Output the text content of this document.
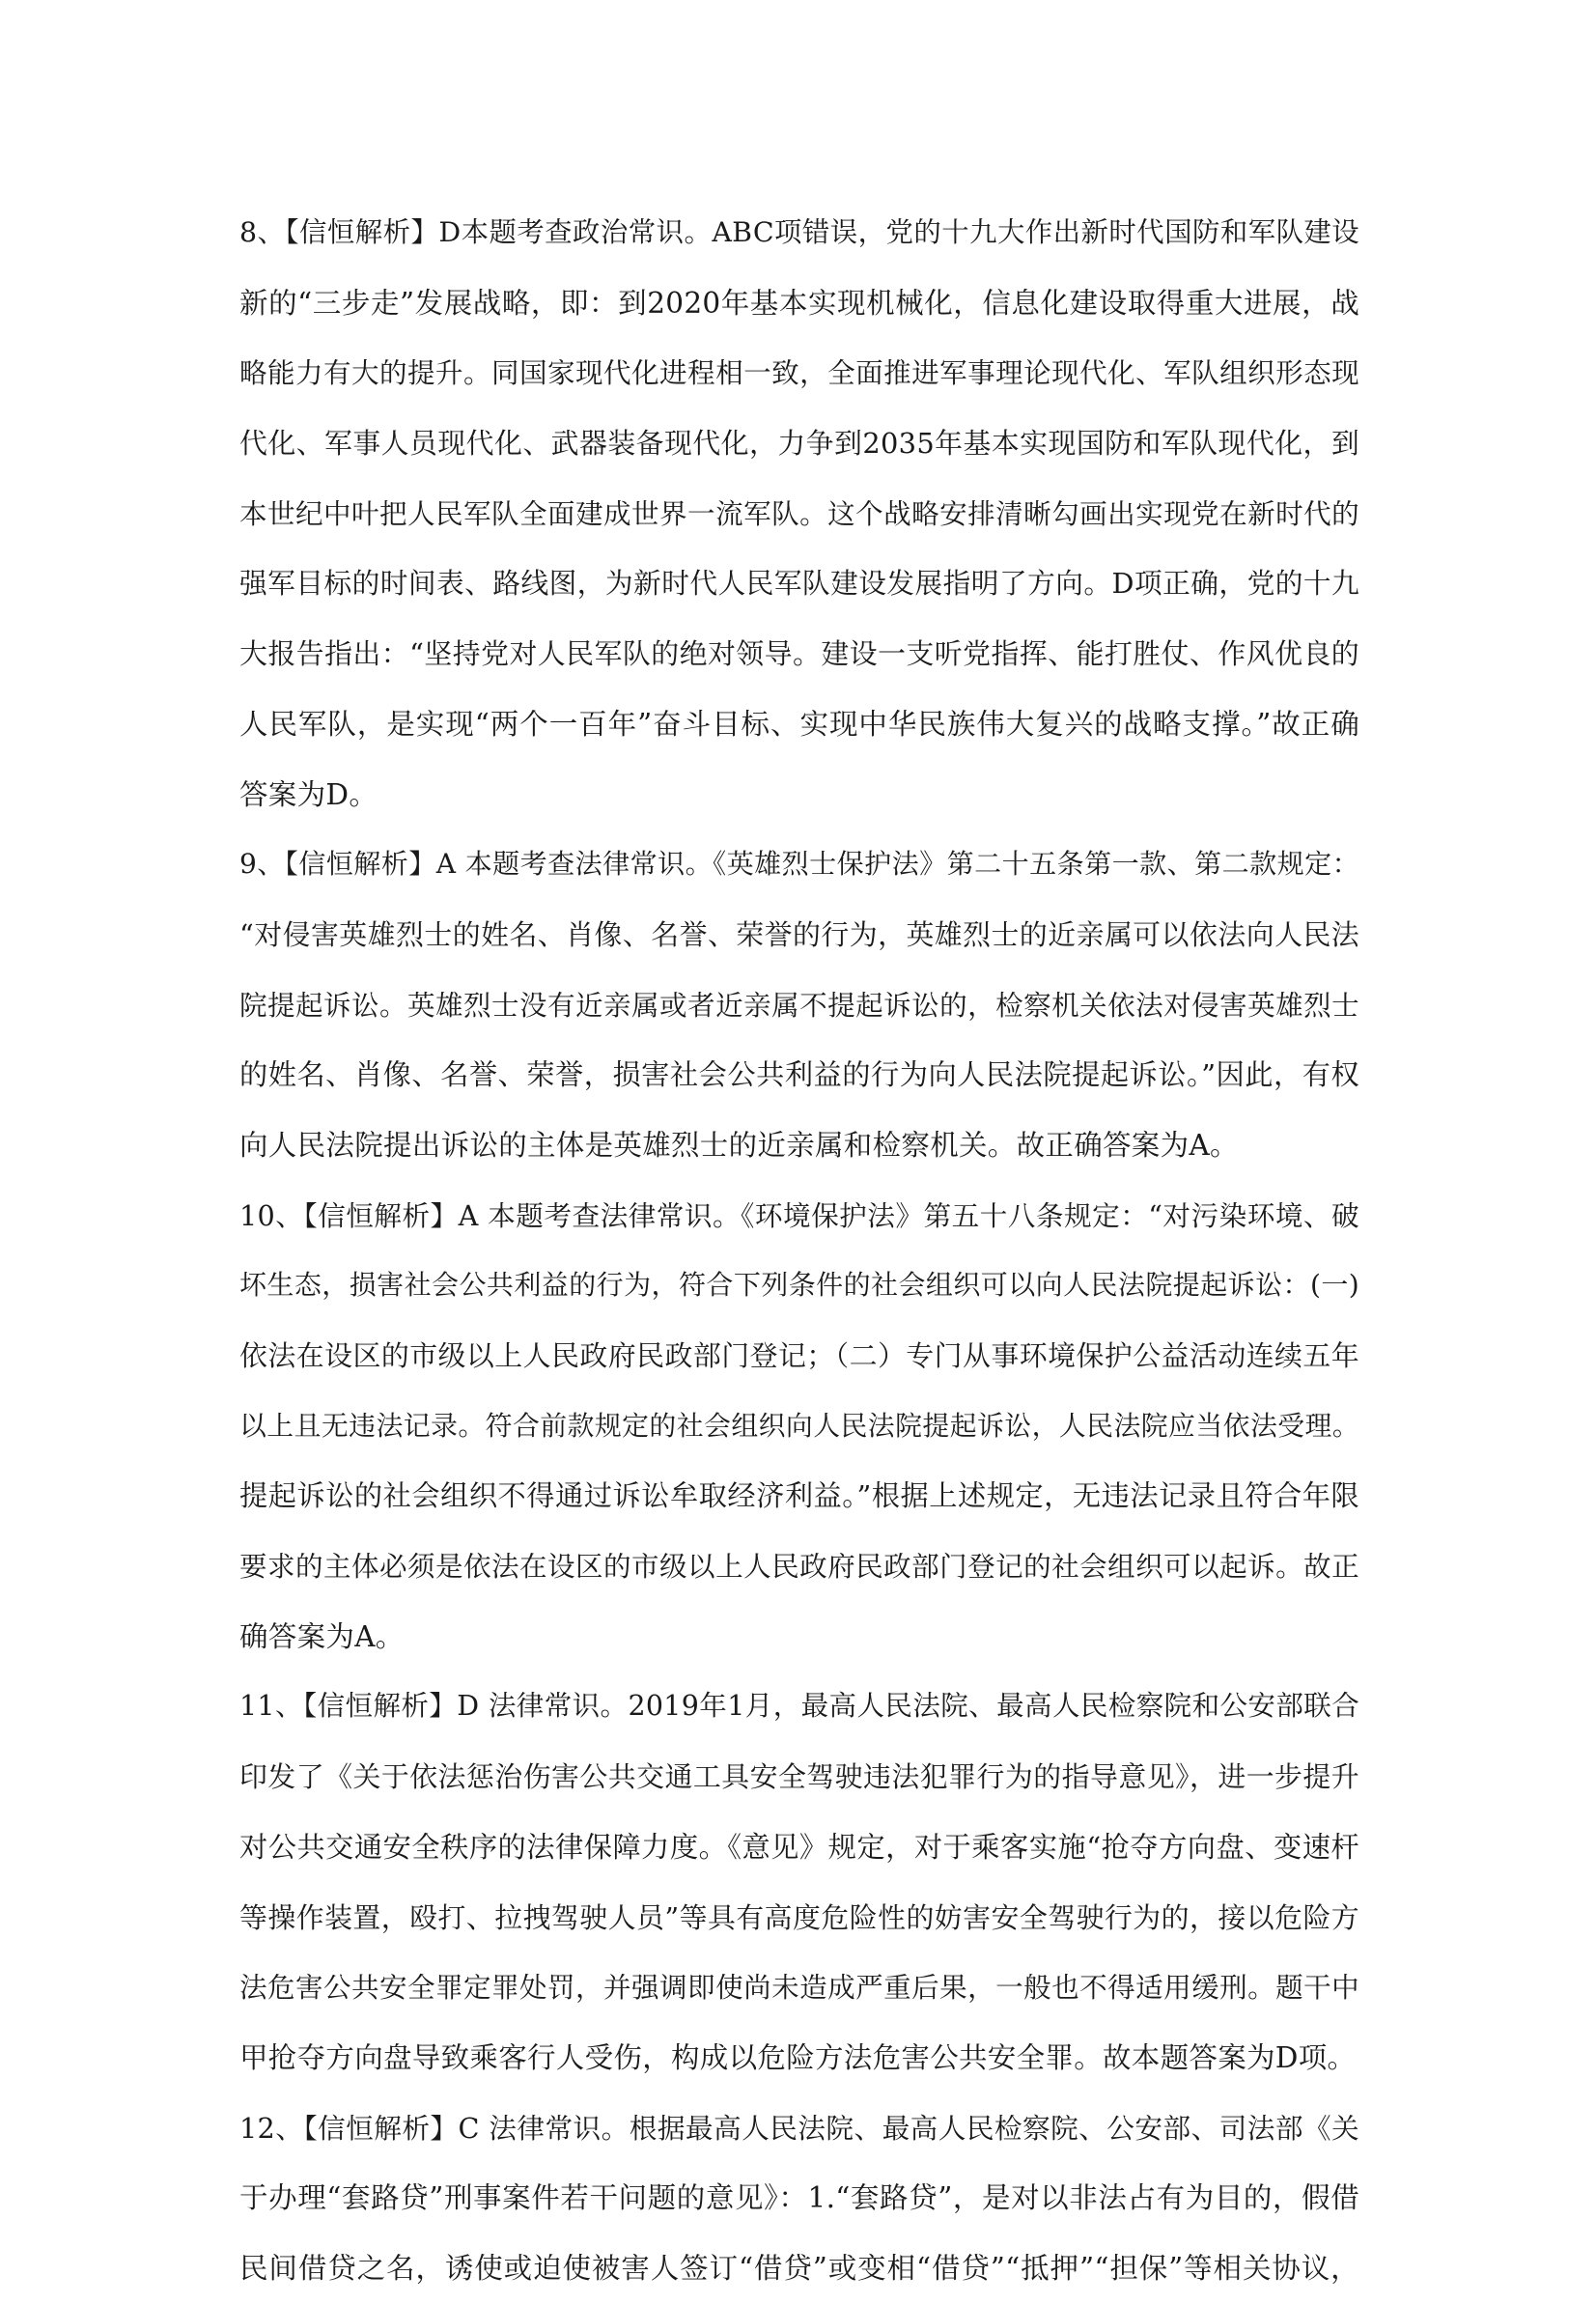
8、【信恒解析】D本题考查政治常识。ABC项错误，党的十九大作出新时代国防和军队建设
新的“三步走”发展战略，即：到2020年基本实现机械化，信息化建设取得重大进展，战
略能力有大的提升。同国家现代化进程相一致，全面推进军事理论现代化、军队组织形态现
代化、军事人员现代化、武器装备现代化，力争到2035年基本实现国防和军队现代化，到
本世纪中叶把人民军队全面建成世界一流军队。这个战略安排清晰勾画出实现党在新时代的
强军目标的时间表、路线图，为新时代人民军队建设发展指明了方向。D项正确，党的十九
大报告指出：“坚持党对人民军队的绝对领导。建设一支听党指挥、能打胜仗、作风优良的
人民军队，是实现“两个一百年”奋斗目标、实现中华民族伟大复兴的战略支撑。”故正确
答案为D。
9、【信恒解析】A 本题考查法律常识。《英雄烈士保护法》第二十五条第一款、第二款规定：
“对侵害英雄烈士的姓名、肖像、名誉、荣誉的行为，英雄烈士的近亲属可以依法向人民法
院提起诉讼。英雄烈士没有近亲属或者近亲属不提起诉讼的，检察机关依法对侵害英雄烈士
的姓名、肖像、名誉、荣誉，损害社会公共利益的行为向人民法院提起诉讼。”因此，有权
向人民法院提出诉讼的主体是英雄烈士的近亲属和检察机关。故正确答案为A。
10、【信恒解析】A 本题考查法律常识。《环境保护法》第五十八条规定：“对污染环境、破
坏生态，损害社会公共利益的行为，符合下列条件的社会组织可以向人民法院提起诉讼：(一)
依法在设区的市级以上人民政府民政部门登记；（二）专门从事环境保护公益活动连续五年
以上且无违法记录。符合前款规定的社会组织向人民法院提起诉讼，人民法院应当依法受理。
提起诉讼的社会组织不得通过诉讼牟取经济利益。”根据上述规定，无违法记录且符合年限
要求的主体必须是依法在设区的市级以上人民政府民政部门登记的社会组织可以起诉。故正
确答案为A。
11、【信恒解析】D 法律常识。2019年1月，最高人民法院、最高人民检察院和公安部联合
印发了《关于依法惩治伤害公共交通工具安全驾驶违法犯罪行为的指导意见》，进一步提升
对公共交通安全秩序的法律保障力度。《意见》规定，对于乘客实施“抢夺方向盘、变速杆
等操作装置，殴打、拉拽驾驶人员”等具有高度危险性的妨害安全驾驶行为的，接以危险方
法危害公共安全罪定罪处罚，并强调即使尚未造成严重后果，一般也不得适用缓刑。题干中
甲抢夺方向盘导致乘客行人受伤，构成以危险方法危害公共安全罪。故本题答案为D项。
12、【信恒解析】C 法律常识。根据最高人民法院、最高人民检察院、公安部、司法部《关
于办理“套路贷”刑事案件若干问题的意见》：1.“套路贷”，是对以非法占有为目的，假借
民间借贷之名，诱使或迫使被害人签订“借贷”或变相“借贷”“抵押”“担保”等相关协议，
